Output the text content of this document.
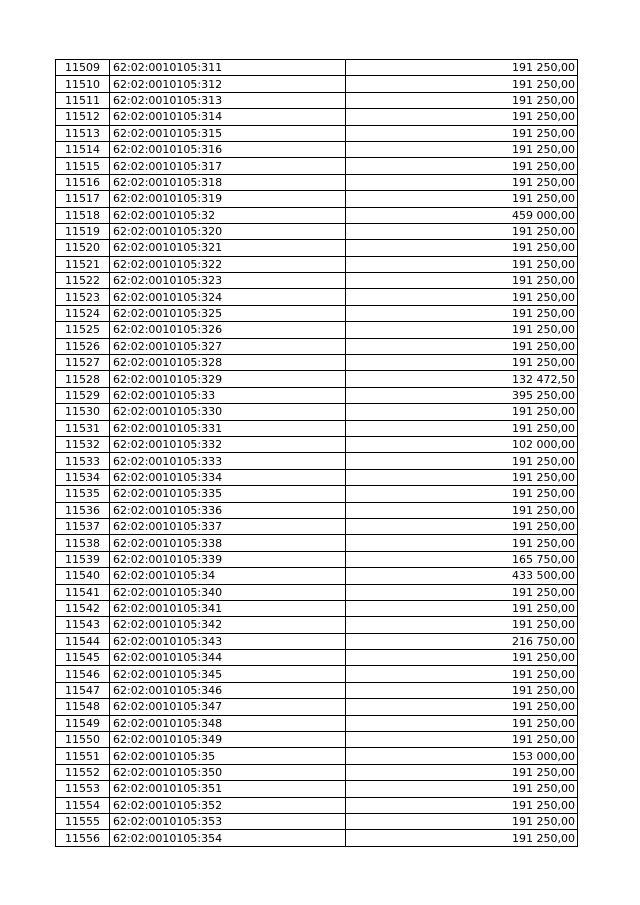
11509	62:02:0010105:311	191 250,00
11510	62:02:0010105:312	191 250,00
11511	62:02:0010105:313	191 250,00
11512	62:02:0010105:314	191 250,00
11513	62:02:0010105:315	191 250,00
11514	62:02:0010105:316	191 250,00
11515	62:02:0010105:317	191 250,00
11516	62:02:0010105:318	191 250,00
11517	62:02:0010105:319	191 250,00
11518	62:02:0010105:32	459 000,00
11519	62:02:0010105:320	191 250,00
11520	62:02:0010105:321	191 250,00
11521	62:02:0010105:322	191 250,00
11522	62:02:0010105:323	191 250,00
11523	62:02:0010105:324	191 250,00
11524	62:02:0010105:325	191 250,00
11525	62:02:0010105:326	191 250,00
11526	62:02:0010105:327	191 250,00
11527	62:02:0010105:328	191 250,00
11528	62:02:0010105:329	132 472,50
11529	62:02:0010105:33	395 250,00
11530	62:02:0010105:330	191 250,00
11531	62:02:0010105:331	191 250,00
11532	62:02:0010105:332	102 000,00
11533	62:02:0010105:333	191 250,00
11534	62:02:0010105:334	191 250,00
11535	62:02:0010105:335	191 250,00
11536	62:02:0010105:336	191 250,00
11537	62:02:0010105:337	191 250,00
11538	62:02:0010105:338	191 250,00
11539	62:02:0010105:339	165 750,00
11540	62:02:0010105:34	433 500,00
11541	62:02:0010105:340	191 250,00
11542	62:02:0010105:341	191 250,00
11543	62:02:0010105:342	191 250,00
11544	62:02:0010105:343	216 750,00
11545	62:02:0010105:344	191 250,00
11546	62:02:0010105:345	191 250,00
11547	62:02:0010105:346	191 250,00
11548	62:02:0010105:347	191 250,00
11549	62:02:0010105:348	191 250,00
11550	62:02:0010105:349	191 250,00
11551	62:02:0010105:35	153 000,00
11552	62:02:0010105:350	191 250,00
11553	62:02:0010105:351	191 250,00
11554	62:02:0010105:352	191 250,00
11555	62:02:0010105:353	191 250,00
11556	62:02:0010105:354	191 250,00
